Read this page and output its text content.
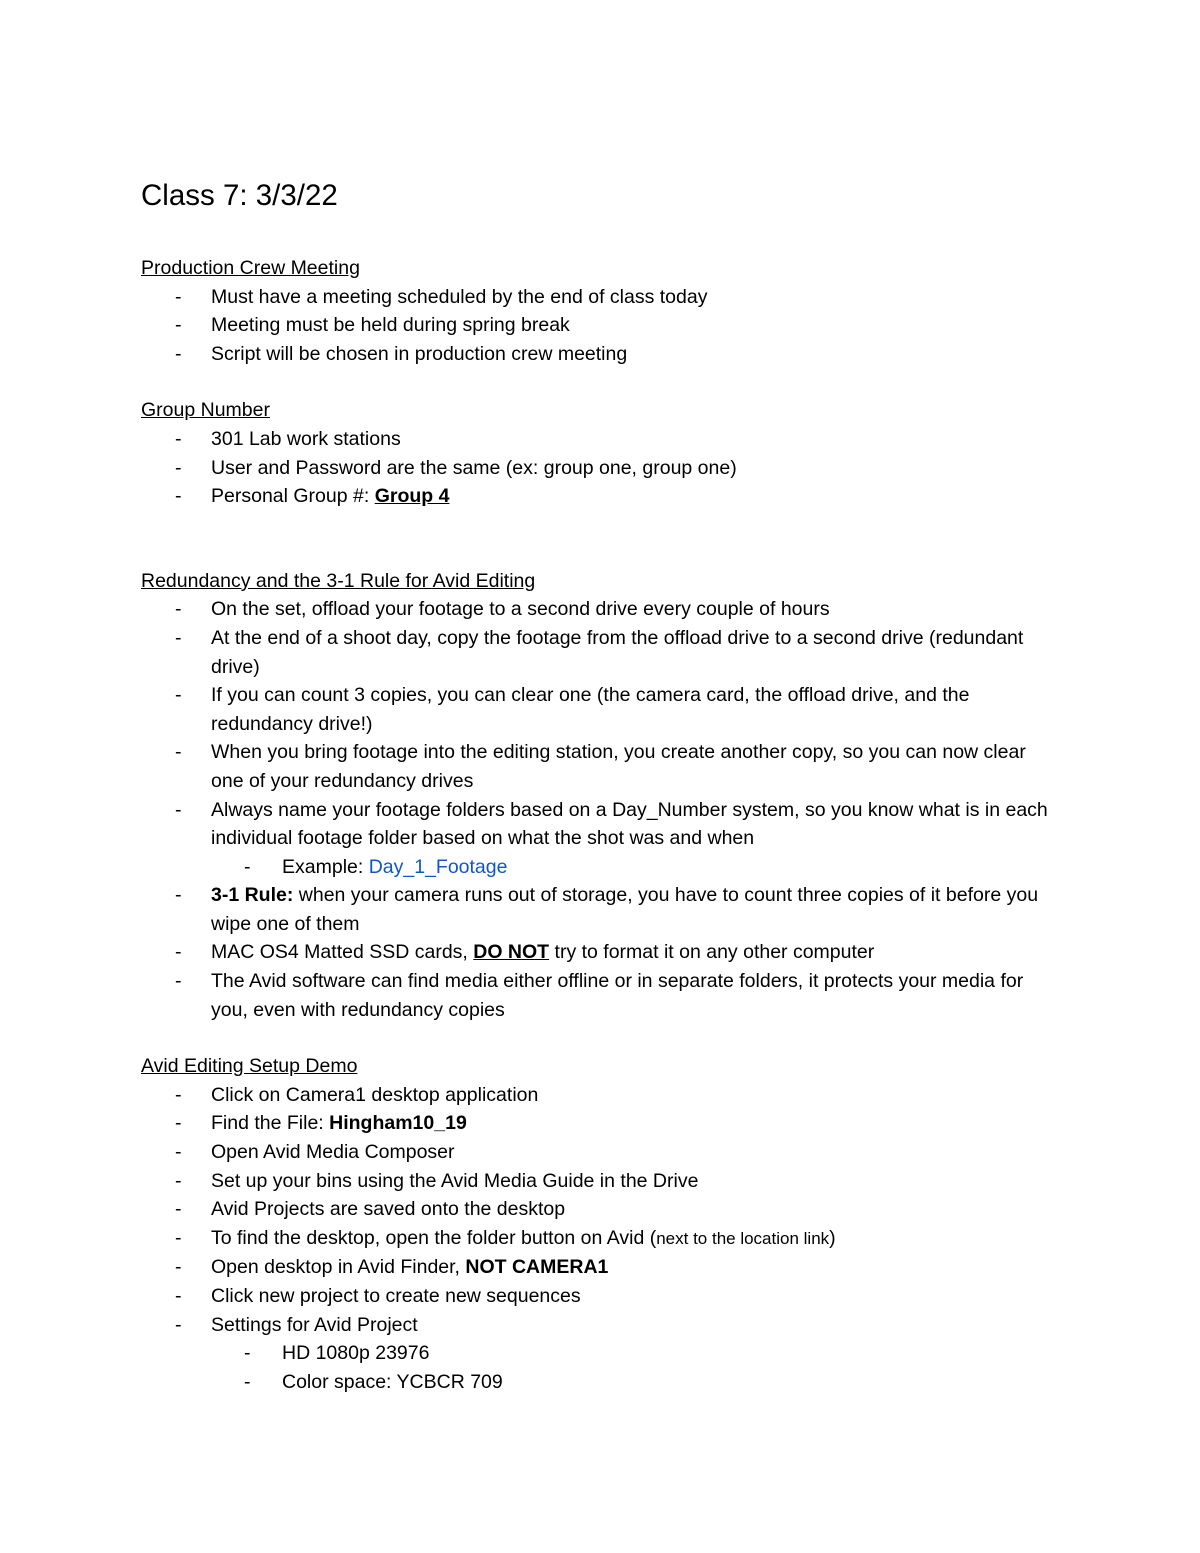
Class 7: 3/3/22
Production Crew Meeting
- Must have a meeting scheduled by the end of class today
- Meeting must be held during spring break
- Script will be chosen in production crew meeting
Group Number
- 301 Lab work stations
- User and Password are the same (ex: group one, group one)
- Personal Group #: Group 4
Redundancy and the 3-1 Rule for Avid Editing
- On the set, offload your footage to a second drive every couple of hours
- At the end of a shoot day, copy the footage from the offload drive to a second drive (redundant drive)
- If you can count 3 copies, you can clear one (the camera card, the offload drive, and the redundancy drive!)
- When you bring footage into the editing station, you create another copy, so you can now clear one of your redundancy drives
- Always name your footage folders based on a Day_Number system, so you know what is in each individual footage folder based on what the shot was and when
- Example: Day_1_Footage
- 3-1 Rule: when your camera runs out of storage, you have to count three copies of it before you wipe one of them
- MAC OS4 Matted SSD cards, DO NOT try to format it on any other computer
- The Avid software can find media either offline or in separate folders, it protects your media for you, even with redundancy copies
Avid Editing Setup Demo
- Click on Camera1 desktop application
- Find the File: Hingham10_19
- Open Avid Media Composer
- Set up your bins using the Avid Media Guide in the Drive
- Avid Projects are saved onto the desktop
- To find the desktop, open the folder button on Avid (next to the location link)
- Open desktop in Avid Finder, NOT CAMERA1
- Click new project to create new sequences
- Settings for Avid Project
- HD 1080p 23976
- Color space: YCBCR 709
